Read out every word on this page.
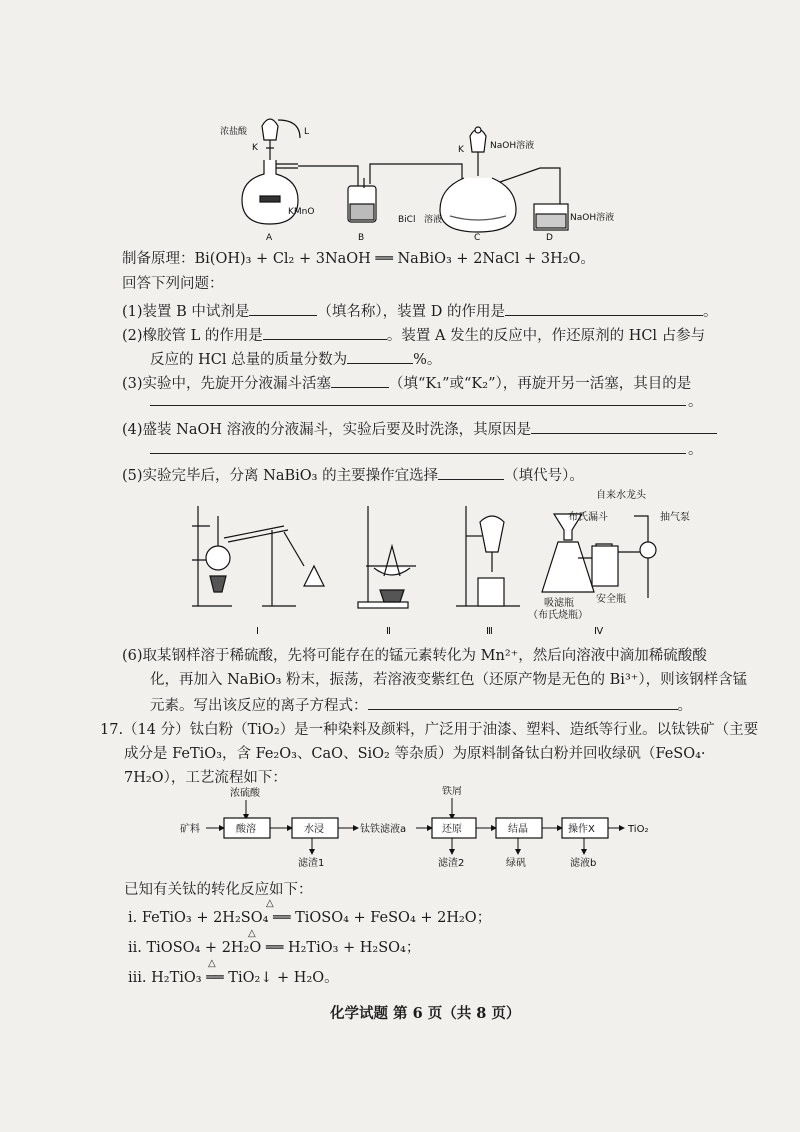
浓盐酸	L
K
KMnO
K	NaOH溶液
BiCl 溶液	NaOH溶液
A	B	C	D
制备原理：Bi(OH)₃ + Cl₂ + 3NaOH ══ NaBiO₃ + 2NaCl + 3H₂O。
回答下列问题：
(1)装置 B 中试剂是	（填名称），装置 D 的作用是	。
(2)橡胶管 L 的作用是	。装置 A 发生的反应中，作还原剂的 HCl 占参与
反应的 HCl 总量的质量分数为	%。
(3)实验中，先旋开分液漏斗活塞	（填“K₁”或“K₂”），再旋开另一活塞，其目的是
。
(4)盛装 NaOH 溶液的分液漏斗，实验后要及时洗涤，其原因是
。
(5)实验完毕后，分离 NaBiO₃ 的主要操作宜选择	（填代号）。
Ⅰ	Ⅱ	Ⅲ	Ⅳ
自来水龙头
布氏漏斗	抽气泵
吸滤瓶
（布氏烧瓶）
安全瓶
(6)取某钢样溶于稀硫酸，先将可能存在的锰元素转化为 Mn²⁺，然后向溶液中滴加稀硫酸酸
化，再加入 NaBiO₃ 粉末，振荡，若溶液变紫红色（还原产物是无色的 Bi³⁺），则该钢样含锰
元素。写出该反应的离子方程式：	。
17.（14 分）钛白粉（TiO₂）是一种染料及颜料，广泛用于油漆、塑料、造纸等行业。以钛铁矿（主要
成分是 FeTiO₃，含 Fe₂O₃、CaO、SiO₂ 等杂质）为原料制备钛白粉并回收绿矾（FeSO₄·
7H₂O），工艺流程如下：
矿料
浓硫酸
酸溶	水浸
滤渣1
钛铁滤液a
铁屑
还原
滤渣2
结晶
绿矾
操作X
滤液b
TiO₂
已知有关钛的转化反应如下：
ⅰ. FeTiO₃ + 2H₂SO₄ ══ TiOSO₄ + FeSO₄ + 2H₂O；
ⅱ. TiOSO₄ + 2H₂O ══ H₂TiO₃ + H₂SO₄；
ⅲ. H₂TiO₃ ══ TiO₂↓ + H₂O。
△
△
△
化学试题 第 6 页（共 8 页）
